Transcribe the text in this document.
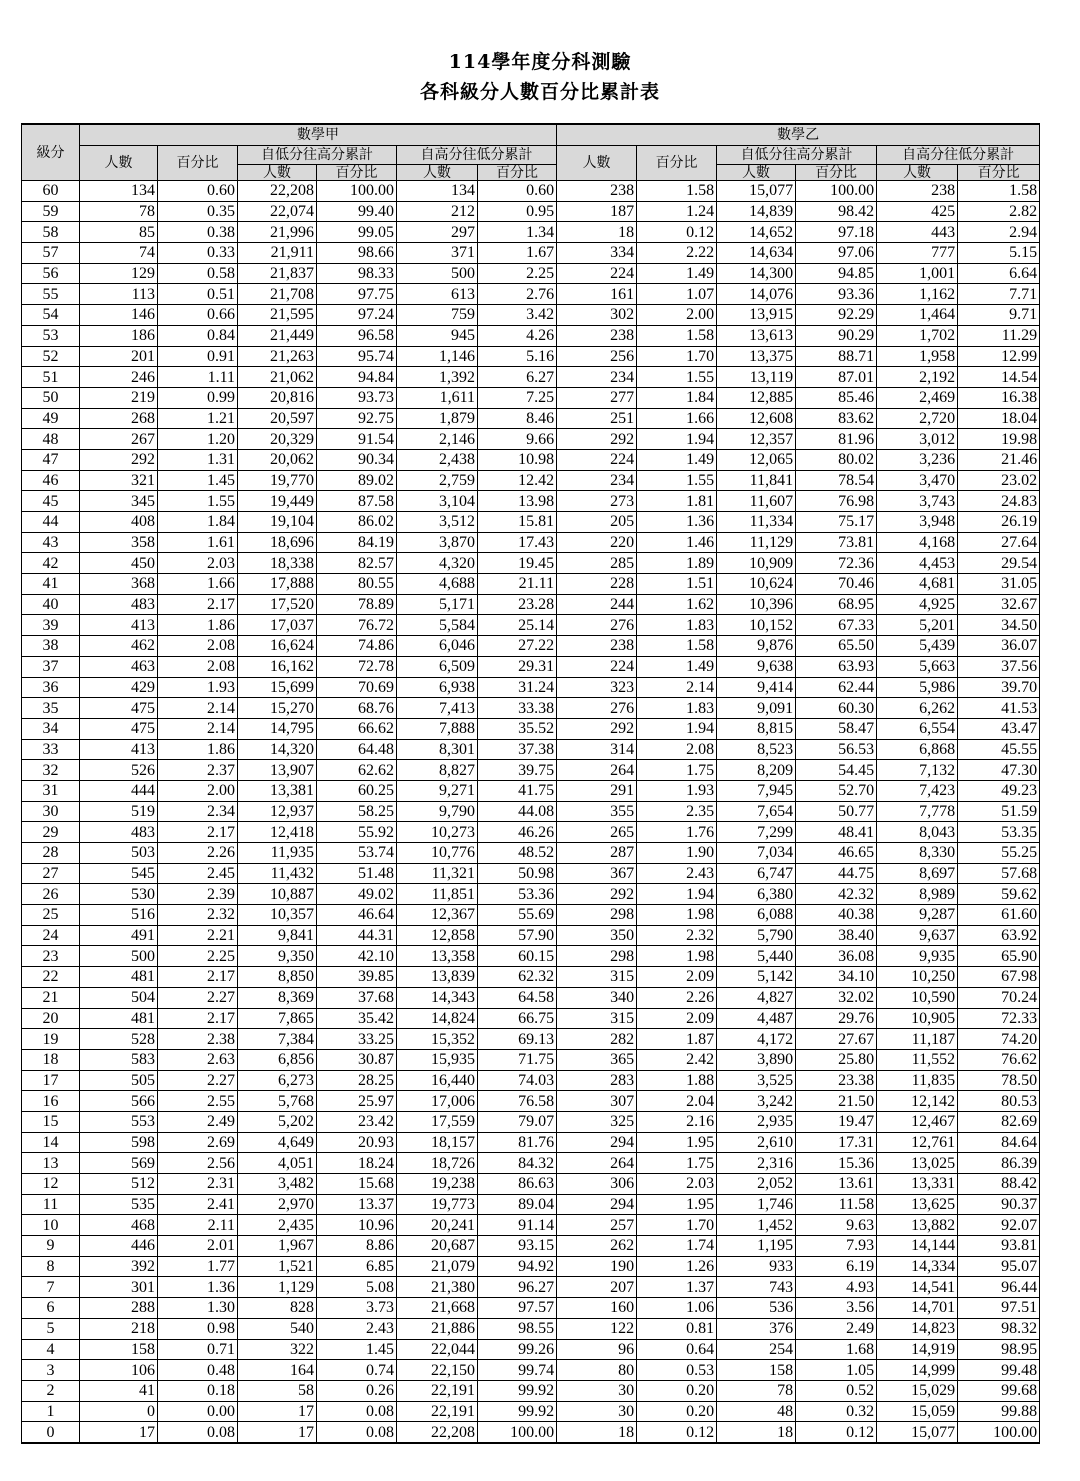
114學年度分科測驗
各科級分人數百分比累計表
級分	數學甲						數學乙					
	人數	百分比	自低分往高分累計		自高分往低分累計		人數	百分比	自低分往高分累計		自高分往低分累計	
			人數	百分比	人數	百分比			人數	百分比	人數	百分比
60	134	0.60	22,208	100.00	134	0.60	238	1.58	15,077	100.00	238	1.58
59	78	0.35	22,074	99.40	212	0.95	187	1.24	14,839	98.42	425	2.82
58	85	0.38	21,996	99.05	297	1.34	18	0.12	14,652	97.18	443	2.94
57	74	0.33	21,911	98.66	371	1.67	334	2.22	14,634	97.06	777	5.15
56	129	0.58	21,837	98.33	500	2.25	224	1.49	14,300	94.85	1,001	6.64
55	113	0.51	21,708	97.75	613	2.76	161	1.07	14,076	93.36	1,162	7.71
54	146	0.66	21,595	97.24	759	3.42	302	2.00	13,915	92.29	1,464	9.71
53	186	0.84	21,449	96.58	945	4.26	238	1.58	13,613	90.29	1,702	11.29
52	201	0.91	21,263	95.74	1,146	5.16	256	1.70	13,375	88.71	1,958	12.99
51	246	1.11	21,062	94.84	1,392	6.27	234	1.55	13,119	87.01	2,192	14.54
50	219	0.99	20,816	93.73	1,611	7.25	277	1.84	12,885	85.46	2,469	16.38
49	268	1.21	20,597	92.75	1,879	8.46	251	1.66	12,608	83.62	2,720	18.04
48	267	1.20	20,329	91.54	2,146	9.66	292	1.94	12,357	81.96	3,012	19.98
47	292	1.31	20,062	90.34	2,438	10.98	224	1.49	12,065	80.02	3,236	21.46
46	321	1.45	19,770	89.02	2,759	12.42	234	1.55	11,841	78.54	3,470	23.02
45	345	1.55	19,449	87.58	3,104	13.98	273	1.81	11,607	76.98	3,743	24.83
44	408	1.84	19,104	86.02	3,512	15.81	205	1.36	11,334	75.17	3,948	26.19
43	358	1.61	18,696	84.19	3,870	17.43	220	1.46	11,129	73.81	4,168	27.64
42	450	2.03	18,338	82.57	4,320	19.45	285	1.89	10,909	72.36	4,453	29.54
41	368	1.66	17,888	80.55	4,688	21.11	228	1.51	10,624	70.46	4,681	31.05
40	483	2.17	17,520	78.89	5,171	23.28	244	1.62	10,396	68.95	4,925	32.67
39	413	1.86	17,037	76.72	5,584	25.14	276	1.83	10,152	67.33	5,201	34.50
38	462	2.08	16,624	74.86	6,046	27.22	238	1.58	9,876	65.50	5,439	36.07
37	463	2.08	16,162	72.78	6,509	29.31	224	1.49	9,638	63.93	5,663	37.56
36	429	1.93	15,699	70.69	6,938	31.24	323	2.14	9,414	62.44	5,986	39.70
35	475	2.14	15,270	68.76	7,413	33.38	276	1.83	9,091	60.30	6,262	41.53
34	475	2.14	14,795	66.62	7,888	35.52	292	1.94	8,815	58.47	6,554	43.47
33	413	1.86	14,320	64.48	8,301	37.38	314	2.08	8,523	56.53	6,868	45.55
32	526	2.37	13,907	62.62	8,827	39.75	264	1.75	8,209	54.45	7,132	47.30
31	444	2.00	13,381	60.25	9,271	41.75	291	1.93	7,945	52.70	7,423	49.23
30	519	2.34	12,937	58.25	9,790	44.08	355	2.35	7,654	50.77	7,778	51.59
29	483	2.17	12,418	55.92	10,273	46.26	265	1.76	7,299	48.41	8,043	53.35
28	503	2.26	11,935	53.74	10,776	48.52	287	1.90	7,034	46.65	8,330	55.25
27	545	2.45	11,432	51.48	11,321	50.98	367	2.43	6,747	44.75	8,697	57.68
26	530	2.39	10,887	49.02	11,851	53.36	292	1.94	6,380	42.32	8,989	59.62
25	516	2.32	10,357	46.64	12,367	55.69	298	1.98	6,088	40.38	9,287	61.60
24	491	2.21	9,841	44.31	12,858	57.90	350	2.32	5,790	38.40	9,637	63.92
23	500	2.25	9,350	42.10	13,358	60.15	298	1.98	5,440	36.08	9,935	65.90
22	481	2.17	8,850	39.85	13,839	62.32	315	2.09	5,142	34.10	10,250	67.98
21	504	2.27	8,369	37.68	14,343	64.58	340	2.26	4,827	32.02	10,590	70.24
20	481	2.17	7,865	35.42	14,824	66.75	315	2.09	4,487	29.76	10,905	72.33
19	528	2.38	7,384	33.25	15,352	69.13	282	1.87	4,172	27.67	11,187	74.20
18	583	2.63	6,856	30.87	15,935	71.75	365	2.42	3,890	25.80	11,552	76.62
17	505	2.27	6,273	28.25	16,440	74.03	283	1.88	3,525	23.38	11,835	78.50
16	566	2.55	5,768	25.97	17,006	76.58	307	2.04	3,242	21.50	12,142	80.53
15	553	2.49	5,202	23.42	17,559	79.07	325	2.16	2,935	19.47	12,467	82.69
14	598	2.69	4,649	20.93	18,157	81.76	294	1.95	2,610	17.31	12,761	84.64
13	569	2.56	4,051	18.24	18,726	84.32	264	1.75	2,316	15.36	13,025	86.39
12	512	2.31	3,482	15.68	19,238	86.63	306	2.03	2,052	13.61	13,331	88.42
11	535	2.41	2,970	13.37	19,773	89.04	294	1.95	1,746	11.58	13,625	90.37
10	468	2.11	2,435	10.96	20,241	91.14	257	1.70	1,452	9.63	13,882	92.07
9	446	2.01	1,967	8.86	20,687	93.15	262	1.74	1,195	7.93	14,144	93.81
8	392	1.77	1,521	6.85	21,079	94.92	190	1.26	933	6.19	14,334	95.07
7	301	1.36	1,129	5.08	21,380	96.27	207	1.37	743	4.93	14,541	96.44
6	288	1.30	828	3.73	21,668	97.57	160	1.06	536	3.56	14,701	97.51
5	218	0.98	540	2.43	21,886	98.55	122	0.81	376	2.49	14,823	98.32
4	158	0.71	322	1.45	22,044	99.26	96	0.64	254	1.68	14,919	98.95
3	106	0.48	164	0.74	22,150	99.74	80	0.53	158	1.05	14,999	99.48
2	41	0.18	58	0.26	22,191	99.92	30	0.20	78	0.52	15,029	99.68
1	0	0.00	17	0.08	22,191	99.92	30	0.20	48	0.32	15,059	99.88
0	17	0.08	17	0.08	22,208	100.00	18	0.12	18	0.12	15,077	100.00
